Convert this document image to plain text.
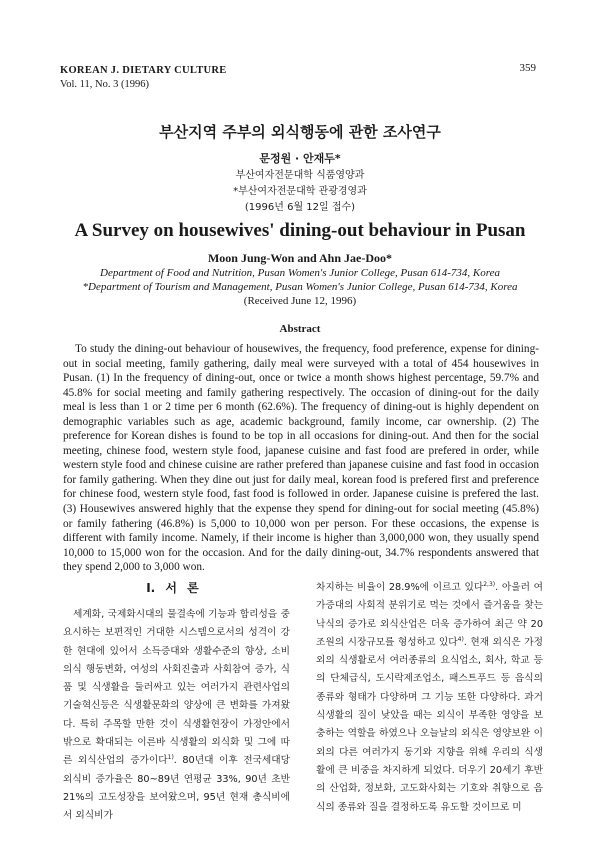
KOREAN J. DIETARY CULTURE
Vol. 11, No. 3 (1996)
359
부산지역 주부의 외식행동에 관한 조사연구
문정원 · 안재두*
부산여자전문대학 식품영양과
*부산여자전문대학 관광경영과
(1996년 6월 12일 접수)
A Survey on housewives' dining-out behaviour in Pusan
Moon Jung-Won and Ahn Jae-Doo*
Department of Food and Nutrition, Pusan Women's Junior College, Pusan 614-734, Korea
*Department of Tourism and Management, Pusan Women's Junior College, Pusan 614-734, Korea
(Received June 12, 1996)
Abstract

To study the dining-out behaviour of housewives, the frequency, food preference, expense for dining-out in social meeting, family gathering, daily meal were surveyed with a total of 454 housewives in Pusan. (1) In the frequency of dining-out, once or twice a month shows highest percentage, 59.7% and 45.8% for social meeting and family gathering respectively. The occasion of dining-out for the daily meal is less than 1 or 2 time per 6 month (62.6%). The frequency of dining-out is highly dependent on demographic variables such as age, academic background, family income, car ownership. (2) The preference for Korean dishes is found to be top in all occasions for dining-out. And then for the social meeting, chinese food, western style food, japanese cuisine and fast food are prefered in order, while western style food and chinese cuisine are rather prefered than japanese cuisine and fast food in occasion for family gathering. When they dine out just for daily meal, korean food is prefered first and preference for chinese food, western style food, fast food is followed in order. Japanese cuisine is prefered the last. (3) Housewives answered highly that the expense they spend for dining-out for social meeting (45.8%) or family fathering (46.8%) is 5,000 to 10,000 won per person. For these occasions, the expense is different with family income. Namely, if their income is higher than 3,000,000 won, they usually spend 10,000 to 15,000 won for the occasion. And for the daily dining-out, 34.7% respondents answered that they spend 2,000 to 3,000 won.

I. 서 론

세계화, 국제화시대의 물결속에 기능과 합리성을 중요시하는 보편적인 거대한 시스템으로서의 성격이 강한 현대에 있어서 소득증대와 생활수준의 향상, 소비의식 행동변화, 여성의 사회진출과 사회참여 증가, 식품 및 식생활을 둘러싸고 있는 여러가지 관련사업의 기술혁신등은 식생활문화의 양상에 큰 변화를 가져왔다. 특히 주목할 만한 것이 식생활현장이 가정안에서 밖으로 확대되는 이른바 식생활의 외식화 및 그에 따른 외식산업의 증가이다$^{1)}$. 80년대 이후 전국세대당 외식비 증가율은 80~89년 연평균 33%, 90년 초반 21%의 고도성장을 보여왔으며, 95년 현재 총식비에서 외식비가

차지하는 비율이 28.9%에 이르고 있다$^{2,3)}$. 아울러 여가증대의 사회적 분위기로 먹는 것에서 즐거움을 찾는 낙식의 증가로 외식산업은 더욱 증가하여 최근 약 20조원의 시장규모를 형성하고 있다$^{4)}$. 현재 외식은 가정외의 식생활로서 여러종류의 요식업소, 회사, 학교 등의 단체급식, 도시락제조업소, 패스트푸드 등 음식의 종류와 형태가 다양하며 그 기능 또한 다양하다. 과거 식생활의 질이 낮았을 때는 외식이 부족한 영양을 보충하는 역할을 하였으나 오늘날의 외식은 영양보완 이외의 다른 여러가지 동기와 지향을 위해 우리의 식생활에 큰 비중을 차지하게 되었다. 더우기 20세기 후반의 산업화, 정보화, 고도화사회는 기호와 취향으로 음식의 종류와 질을 결정하도록 유도할 것이므로 미
